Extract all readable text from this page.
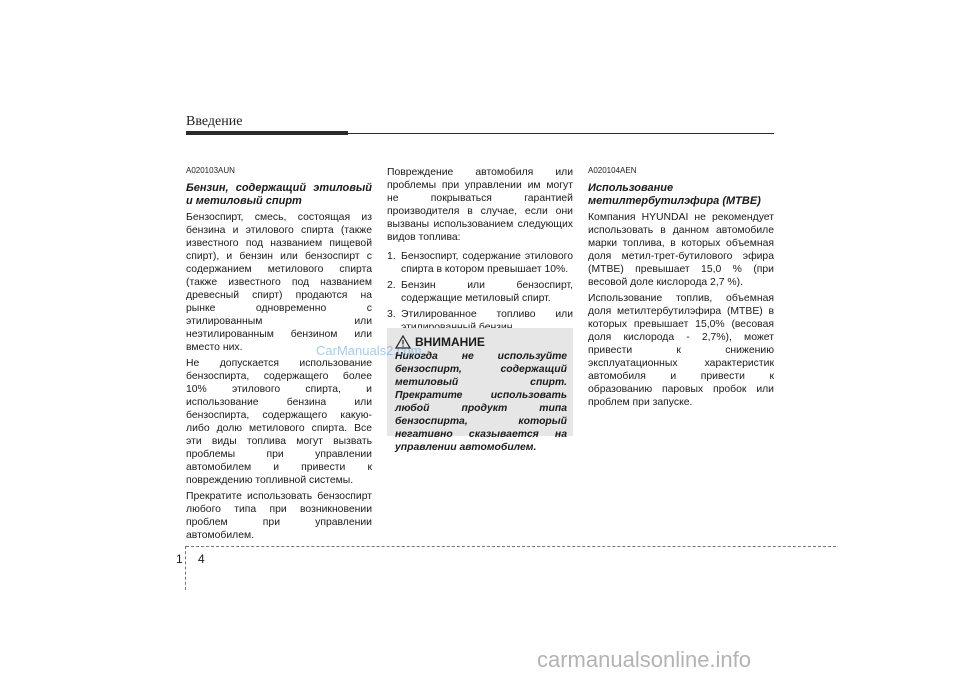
Введение
A020103AUN
Бензин, содержащий этиловый и метиловый спирт

Бензоспирт, смесь, состоящая из бензина и этилового спирта (также известного под названием пищевой спирт), и бензин или бензоспирт с содержанием метилового спирта (также известного под названием древесный спирт) продаются на рынке одновременно с этилированным или неэтилированным бензином или вместо них.

Не допускается использование бензоспирта, содержащего более 10% этилового спирта, и использование бензина или бензоспирта, содержащего какую-либо долю метилового спирта. Все эти виды топлива могут вызвать проблемы при управлении автомобилем и привести к повреждению топливной системы.

Прекратите использовать бензоспирт любого типа при возникновении проблем при управлении автомобилем.

Повреждение автомобиля или проблемы при управлении им могут не покрываться гарантией производителя в случае, если они вызваны использованием следующих видов топлива:

1. Бензоспирт, содержание этилового спирта в котором превышает 10%.
2. Бензин или бензоспирт, содержащие метиловый спирт.
3. Этилированное топливо или
ВНИМАНИЕ
Никогда не используйте бензоспирт, содержащий метиловый спирт. Прекратите использовать любой продукт типа бензоспирта, который негативно сказывается на управлении автомобилем.
A020104AEN
Использование метилтербутилэфира (MTBE)

Компания HYUNDAI не рекомендует использовать в данном автомобиле марки топлива, в которых объемная доля метил-трет-бутилового эфира (MTBE) превышает 15,0 % (при весовой доле кислорода 2,7 %).

Использование топлив, объемная доля метилтербутилэфира (MTBE) в которых превышает 15,0% (весовая доля кислорода - 2,7%), может привести к снижению эксплуатационных характеристик автомобиля и привести к образованию паровых пробок или проблем при запуске.

CarManuals2.com
1 4
carmanualsonline.info
